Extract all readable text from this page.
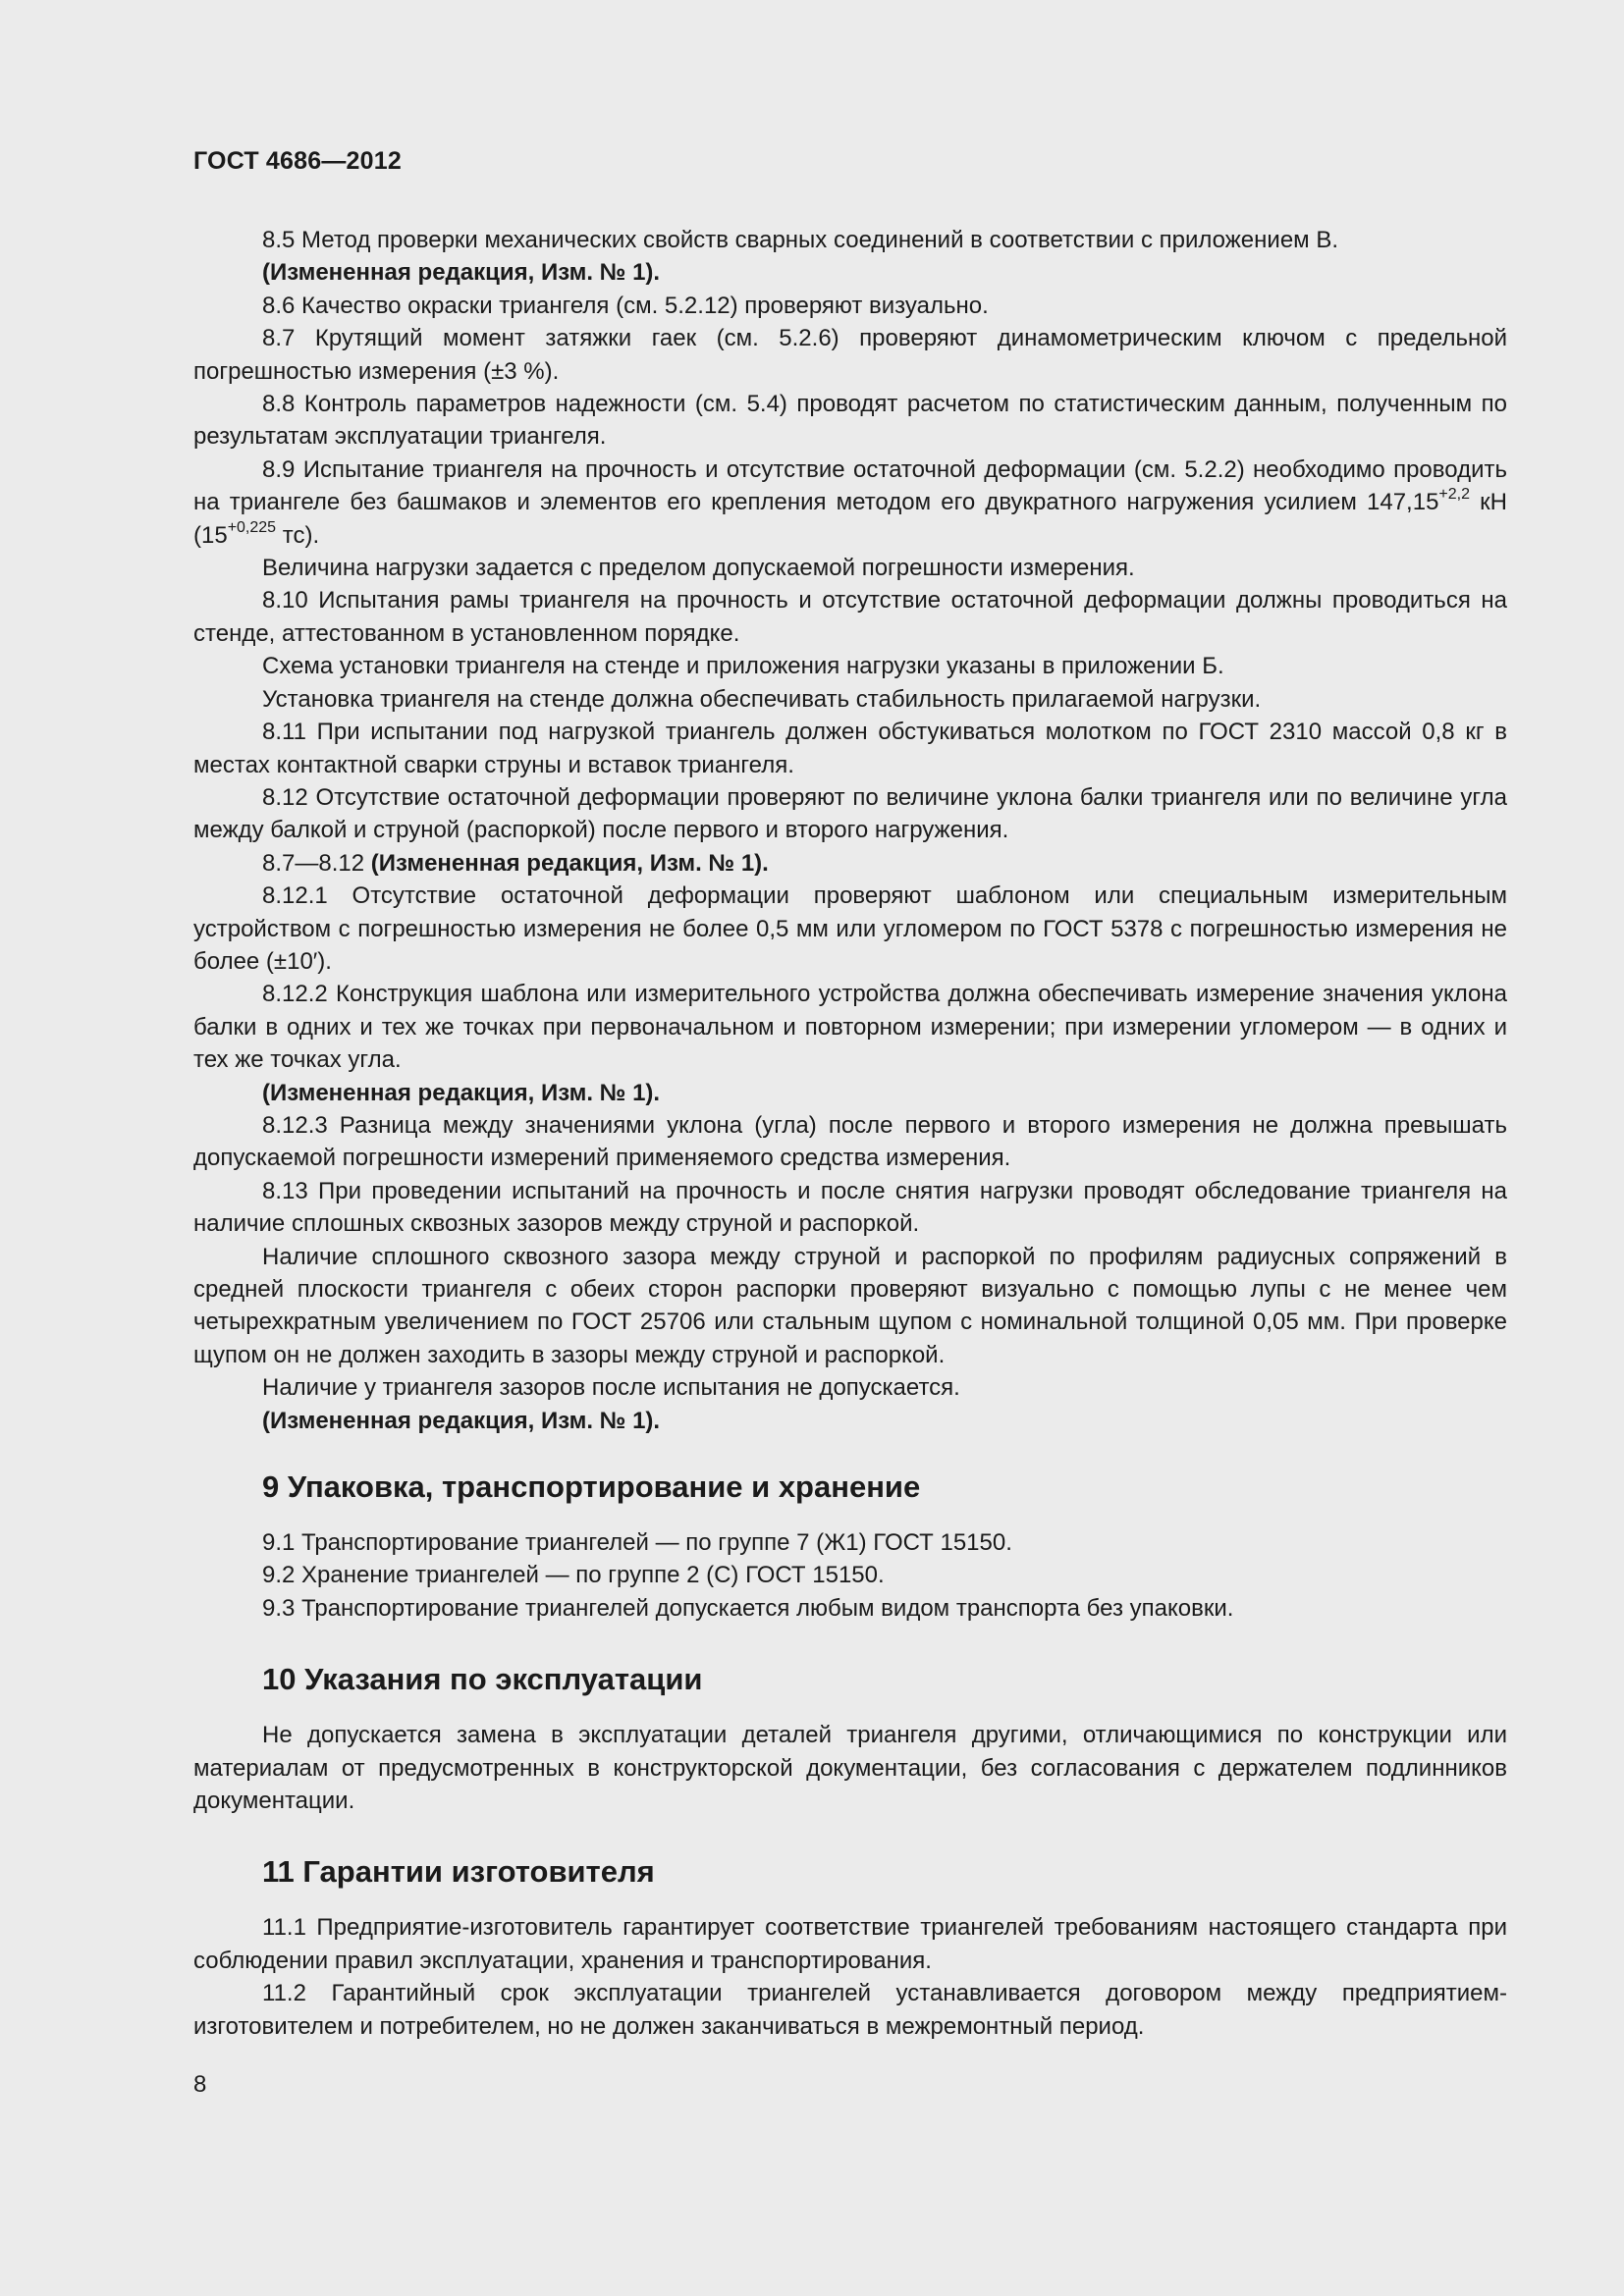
ГОСТ 4686—2012

8.5 Метод проверки механических свойств сварных соединений в соответствии с приложением В.

(Измененная редакция, Изм. № 1).

8.6 Качество окраски триангеля (см. 5.2.12) проверяют визуально.

8.7 Крутящий момент затяжки гаек (см. 5.2.6) проверяют динамометрическим ключом с предельной погрешностью измерения (±3 %).

8.8 Контроль параметров надежности (см. 5.4) проводят расчетом по статистическим данным, полученным по результатам эксплуатации триангеля.

8.9 Испытание триангеля на прочность и отсутствие остаточной деформации (см. 5.2.2) необходимо проводить на триангеле без башмаков и элементов его крепления методом его двукратного нагружения усилием $147,15^{+2,2}$ кН ($15^{+0,225}$ тс).

Величина нагрузки задается с пределом допускаемой погрешности измерения.

8.10 Испытания рамы триангеля на прочность и отсутствие остаточной деформации должны проводиться на стенде, аттестованном в установленном порядке.

Схема установки триангеля на стенде и приложения нагрузки указаны в приложении Б.

Установка триангеля на стенде должна обеспечивать стабильность прилагаемой нагрузки.

8.11 При испытании под нагрузкой триангель должен обстукиваться молотком по ГОСТ 2310 массой 0,8 кг в местах контактной сварки струны и вставок триангеля.

8.12 Отсутствие остаточной деформации проверяют по величине уклона балки триангеля или по величине угла между балкой и струной (распоркой) после первого и второго нагружения.

8.7—8.12 (Измененная редакция, Изм. № 1).

8.12.1 Отсутствие остаточной деформации проверяют шаблоном или специальным измерительным устройством с погрешностью измерения не более 0,5 мм или угломером по ГОСТ 5378 с погрешностью измерения не более (±10′).

8.12.2 Конструкция шаблона или измерительного устройства должна обеспечивать измерение значения уклона балки в одних и тех же точках при первоначальном и повторном измерении; при измерении угломером — в одних и тех же точках угла.

(Измененная редакция, Изм. № 1).

8.12.3 Разница между значениями уклона (угла) после первого и второго измерения не должна превышать допускаемой погрешности измерений применяемого средства измерения.

8.13 При проведении испытаний на прочность и после снятия нагрузки проводят обследование триангеля на наличие сплошных сквозных зазоров между струной и распоркой.

Наличие сплошного сквозного зазора между струной и распоркой по профилям радиусных сопряжений в средней плоскости триангеля с обеих сторон распорки проверяют визуально с помощью лупы с не менее чем четырехкратным увеличением по ГОСТ 25706 или стальным щупом с номинальной толщиной 0,05 мм. При проверке щупом он не должен заходить в зазоры между струной и распоркой.

Наличие у триангеля зазоров после испытания не допускается.

(Измененная редакция, Изм. № 1).

9 Упаковка, транспортирование и хранение

9.1 Транспортирование триангелей — по группе 7 (Ж1) ГОСТ 15150.

9.2 Хранение триангелей — по группе 2 (С) ГОСТ 15150.

9.3 Транспортирование триангелей допускается любым видом транспорта без упаковки.

10 Указания по эксплуатации

Не допускается замена в эксплуатации деталей триангеля другими, отличающимися по конструкции или материалам от предусмотренных в конструкторской документации, без согласования с держателем подлинников документации.

11 Гарантии изготовителя

11.1 Предприятие-изготовитель гарантирует соответствие триангелей требованиям настоящего стандарта при соблюдении правил эксплуатации, хранения и транспортирования.

11.2 Гарантийный срок эксплуатации триангелей устанавливается договором между предприятием-изготовителем и потребителем, но не должен заканчиваться в межремонтный период.

8
